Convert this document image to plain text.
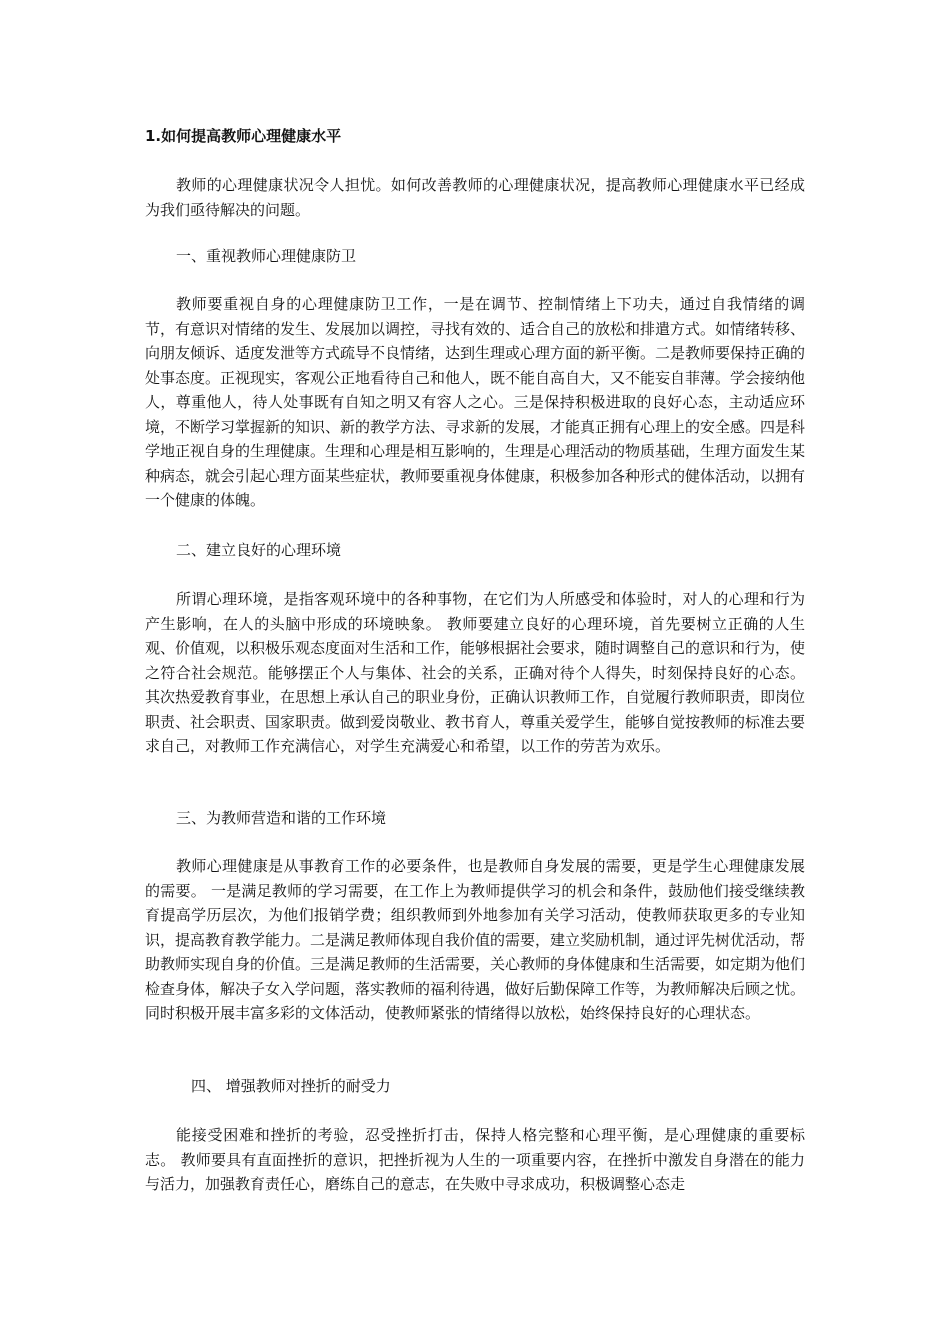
1.如何提高教师心理健康水平

教师的心理健康状况令人担忧。如何改善教师的心理健康状况，提高教师心理健康水平已经成为我们亟待解决的问题。

一、重视教师心理健康防卫

教师要重视自身的心理健康防卫工作，一是在调节、控制情绪上下功夫，通过自我情绪的调节，有意识对情绪的发生、发展加以调控，寻找有效的、适合自己的放松和排遣方式。如情绪转移、向朋友倾诉、适度发泄等方式疏导不良情绪，达到生理或心理方面的新平衡。二是教师要保持正确的处事态度。正视现实，客观公正地看待自己和他人，既不能自高自大，又不能妄自菲薄。学会接纳他人，尊重他人，待人处事既有自知之明又有容人之心。三是保持积极进取的良好心态，主动适应环境，不断学习掌握新的知识、新的教学方法、寻求新的发展，才能真正拥有心理上的安全感。四是科学地正视自身的生理健康。生理和心理是相互影响的，生理是心理活动的物质基础，生理方面发生某种病态，就会引起心理方面某些症状，教师要重视身体健康，积极参加各种形式的健体活动，以拥有一个健康的体魄。

二、建立良好的心理环境

所谓心理环境，是指客观环境中的各种事物，在它们为人所感受和体验时，对人的心理和行为产生影响，在人的头脑中形成的环境映象。 教师要建立良好的心理环境，首先要树立正确的人生观、价值观，以积极乐观态度面对生活和工作，能够根据社会要求，随时调整自己的意识和行为，使之符合社会规范。能够摆正个人与集体、社会的关系，正确对待个人得失，时刻保持良好的心态。 其次热爱教育事业，在思想上承认自己的职业身份，正确认识教师工作，自觉履行教师职责，即岗位职责、社会职责、国家职责。做到爱岗敬业、教书育人，尊重关爱学生，能够自觉按教师的标准去要求自己，对教师工作充满信心，对学生充满爱心和希望，以工作的劳苦为欢乐。

三、为教师营造和谐的工作环境

教师心理健康是从事教育工作的必要条件，也是教师自身发展的需要，更是学生心理健康发展的需要。 一是满足教师的学习需要，在工作上为教师提供学习的机会和条件，鼓励他们接受继续教育提高学历层次，为他们报销学费；组织教师到外地参加有关学习活动，使教师获取更多的专业知识，提高教育教学能力。二是满足教师体现自我价值的需要，建立奖励机制，通过评先树优活动，帮助教师实现自身的价值。三是满足教师的生活需要，关心教师的身体健康和生活需要，如定期为他们检查身体，解决子女入学问题，落实教师的福利待遇，做好后勤保障工作等，为教师解决后顾之忧。同时积极开展丰富多彩的文体活动，使教师紧张的情绪得以放松，始终保持良好的心理状态。

四、 增强教师对挫折的耐受力

能接受困难和挫折的考验，忍受挫折打击，保持人格完整和心理平衡，是心理健康的重要标志。 教师要具有直面挫折的意识，把挫折视为人生的一项重要内容，在挫折中激发自身潜在的能力与活力，加强教育责任心，磨练自己的意志，在失败中寻求成功，积极调整心态走
